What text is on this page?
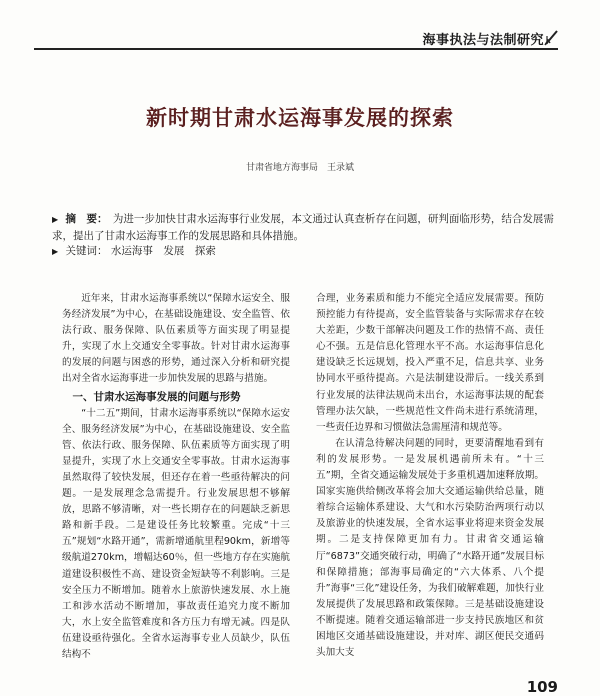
海事执法与法制研究
新时期甘肃水运海事发展的探索
甘肃省地方海事局　王录斌
▶ 摘　要： 为进一步加快甘肃水运海事行业发展，本文通过认真查析存在问题，研判面临形势，结合发展需求，提出了甘肃水运海事工作的发展思路和具体措施。
▶ 关键词： 水运海事　发展　探索

近年来，甘肃水运海事系统以“保障水运安全、服务经济发展”为中心，在基础设施建设、安全监管、依法行政、服务保障、队伍素质等方面实现了明显提升，实现了水上交通安全零事故。针对甘肃水运海事的发展的问题与困惑的形势，通过深入分析和研究提出对全省水运海事进一步加快发展的思路与措施。

一、甘肃水运海事发展的问题与形势

“十二五”期间，甘肃水运海事系统以“保障水运安全、服务经济发展”为中心，在基础设施建设、安全监管、依法行政、服务保障、队伍素质等方面实现了明显提升，实现了水上交通安全零事故。甘肃水运海事虽然取得了较快发展，但还存在着一些亟待解决的问题。一是发展理念急需提升。行业发展思想不够解放，思路不够清晰，对一些长期存在的问题缺乏新思路和新手段。二是建设任务比较繁重。完成“十三五”规划“水路开通”，需新增通航里程90km，新增等级航道270km，增幅达60％，但一些地方存在实施航道建设积极性不高、建设资金短缺等不利影响。三是安全压力不断增加。随着水上旅游快速发展、水上施工和涉水活动不断增加，事故责任追究力度不断加大，水上安全监管难度和各方压力有增无减。四是队伍建设亟待强化。全省水运海事专业人员缺少，队伍结构不

合理，业务素质和能力不能完全适应发展需要。预防预控能力有待提高，安全监管装备与实际需求存在较大差距，少数干部解决问题及工作的热情不高、责任心不强。五是信息化管理水平不高。水运海事信息化建设缺乏长远规划，投入严重不足，信息共享、业务协同水平亟待提高。六是法制建设滞后。一线关系到行业发展的法律法规尚未出台，水运海事法规的配套管理办法欠缺，一些规范性文件尚未进行系统清理，一些责任边界和习惯做法急需厘清和规范等。

在认清急待解决问题的同时，更要清醒地看到有利的发展形势。一是发展机遇前所未有。“十三五”期，全省交通运输发展处于多重机遇加速释放期。国家实施供给侧改革将会加大交通运输供给总量，随着综合运输体系建设、大气和水污染防治两项行动以及旅游业的快速发展，全省水运事业将迎来资金发展期。二是支持保障更加有力。甘肃省交通运输厅“6873”交通突破行动，明确了“水路开通”发展目标和保障措施；部海事局确定的“六大体系、八个提升”海事“三化”建设任务，为我们破解难题，加快行业发展提供了发展思路和政策保障。三是基础设施建设不断提速。随着交通运输部进一步支持民族地区和贫困地区交通基础设施建设，并对库、湖区便民交通码头加大支

109
